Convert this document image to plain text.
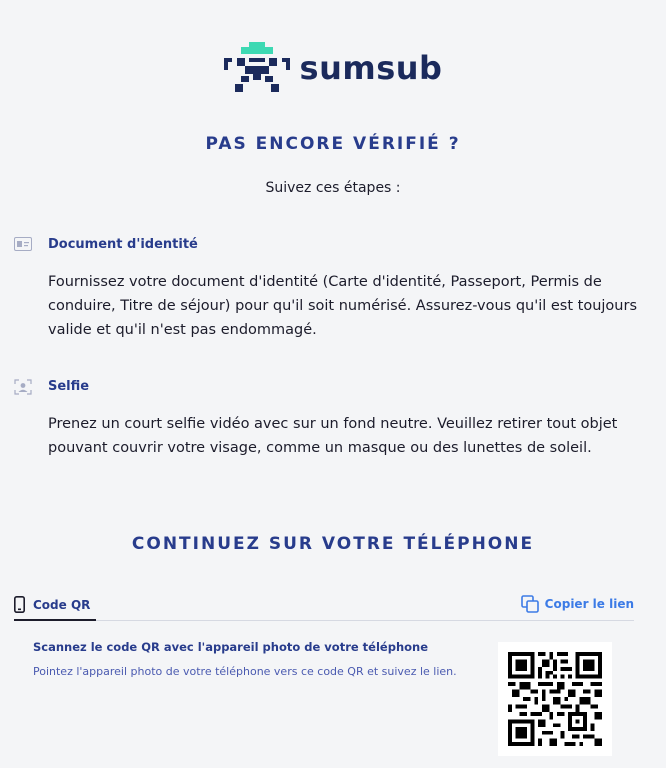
sumsub
PAS ENCORE VÉRIFIÉ ?
Suivez ces étapes :
Document d'identité
Fournissez votre document d'identité (Carte d'identité, Passeport, Permis de conduire, Titre de séjour) pour qu'il soit numérisé. Assurez-vous qu'il est toujours valide et qu'il n'est pas endommagé.
Selfie
Prenez un court selfie vidéo avec sur un fond neutre. Veuillez retirer tout objet pouvant couvrir votre visage, comme un masque ou des lunettes de soleil.
CONTINUEZ SUR VOTRE TÉLÉPHONE
Code QR	Copier le lien
Scannez le code QR avec l'appareil photo de votre téléphone
Pointez l'appareil photo de votre téléphone vers ce code QR et suivez le lien.
